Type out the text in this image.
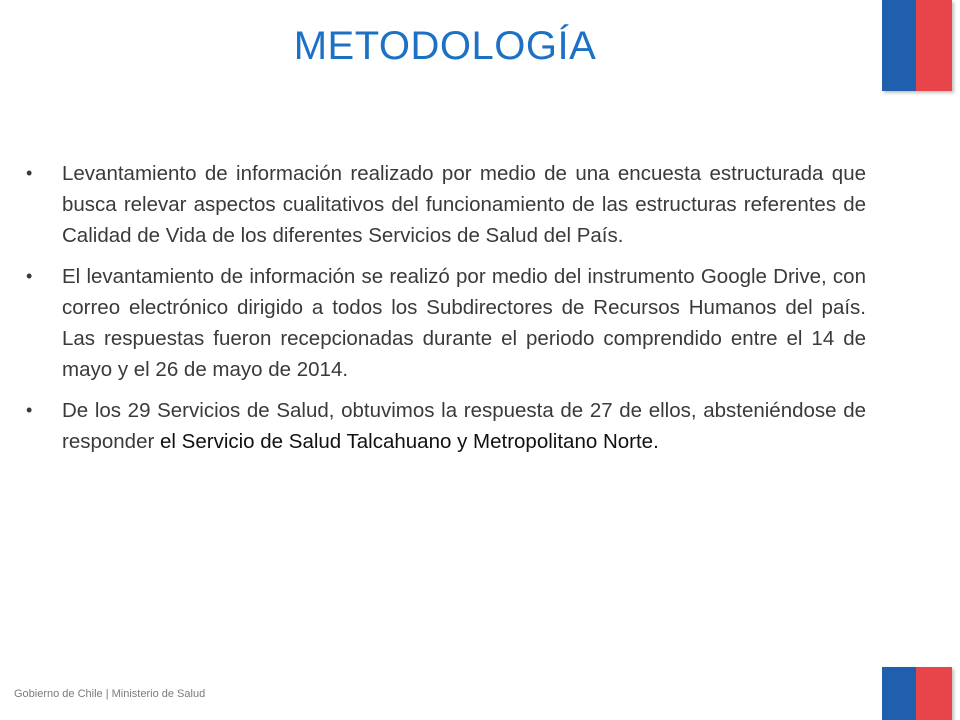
METODOLOGÍA
•	Levantamiento de información realizado por medio de una encuesta estructurada que busca relevar aspectos cualitativos del funcionamiento de las estructuras referentes de Calidad de Vida de los diferentes Servicios de Salud del País.
•	El levantamiento de información se realizó por medio del instrumento Google Drive, con correo electrónico dirigido a todos los Subdirectores de Recursos Humanos del país. Las respuestas fueron recepcionadas durante el periodo comprendido entre el 14 de mayo y el 26 de mayo de 2014.
•	De los 29 Servicios de Salud, obtuvimos la respuesta de 27 de ellos, absteniéndose de responder el Servicio de Salud Talcahuano y Metropolitano Norte.
Gobierno de Chile | Ministerio de Salud
